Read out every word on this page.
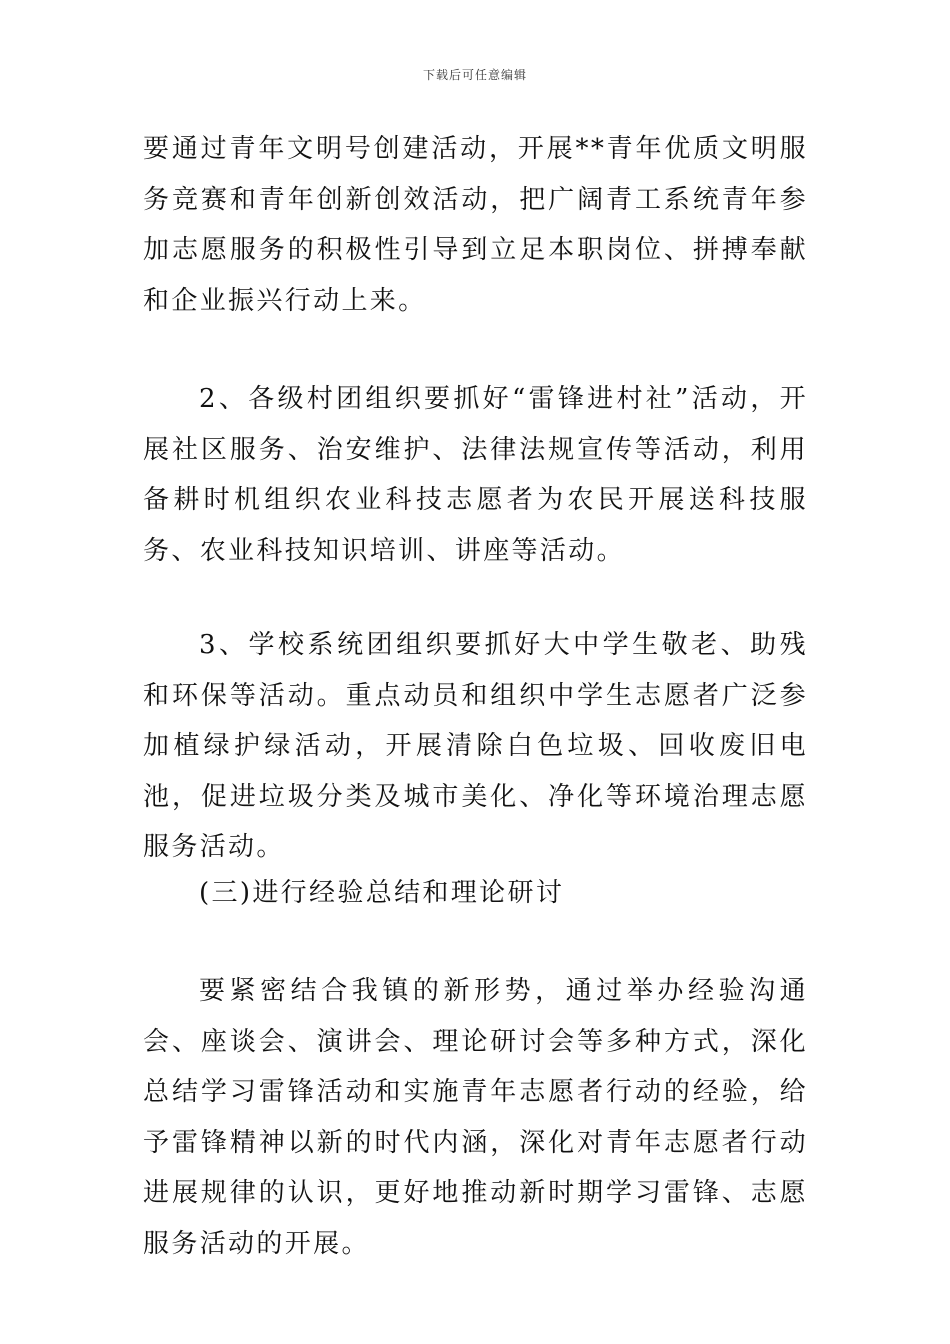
下载后可任意编辑

要通过青年文明号创建活动，开展**青年优质文明服务竞赛和青年创新创效活动，把广阔青工系统青年参加志愿服务的积极性引导到立足本职岗位、拼搏奉献和企业振兴行动上来。

2、各级村团组织要抓好“雷锋进村社”活动，开展社区服务、治安维护、法律法规宣传等活动，利用备耕时机组织农业科技志愿者为农民开展送科技服务、农业科技知识培训、讲座等活动。

3、学校系统团组织要抓好大中学生敬老、助残和环保等活动。重点动员和组织中学生志愿者广泛参加植绿护绿活动，开展清除白色垃圾、回收废旧电池，促进垃圾分类及城市美化、净化等环境治理志愿服务活动。

(三)进行经验总结和理论研讨

要紧密结合我镇的新形势，通过举办经验沟通会、座谈会、演讲会、理论研讨会等多种方式，深化总结学习雷锋活动和实施青年志愿者行动的经验，给予雷锋精神以新的时代内涵，深化对青年志愿者行动进展规律的认识，更好地推动新时期学习雷锋、志愿服务活动的开展。
